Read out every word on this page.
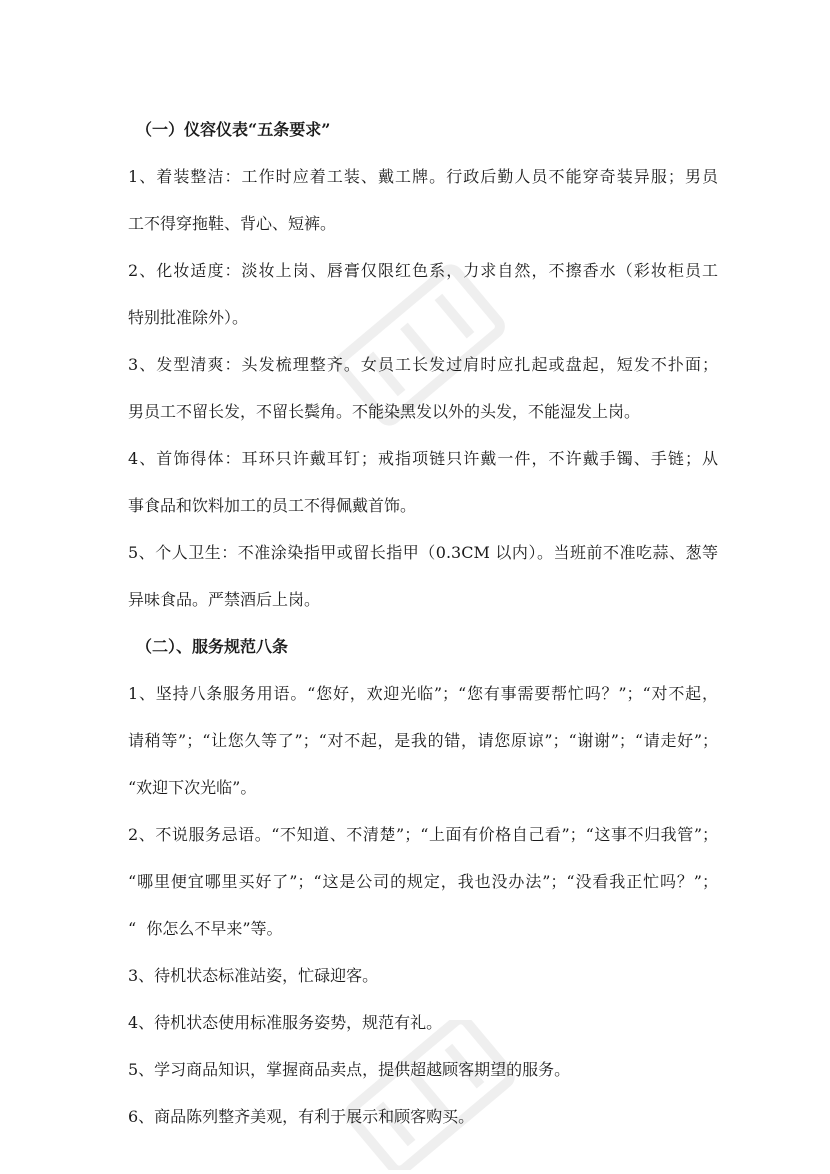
（一）仪容仪表“五条要求”
1、着装整洁：工作时应着工装、戴工牌。行政后勤人员不能穿奇装异服；男员
工不得穿拖鞋、背心、短裤。
2、化妆适度：淡妆上岗、唇膏仅限红色系，力求自然，不擦香水（彩妆柜员工
特别批准除外）。
3、发型清爽：头发梳理整齐。女员工长发过肩时应扎起或盘起，短发不扑面；
男员工不留长发，不留长鬓角。不能染黑发以外的头发，不能湿发上岗。
4、首饰得体：耳环只许戴耳钉；戒指项链只许戴一件，不许戴手镯、手链；从
事食品和饮料加工的员工不得佩戴首饰。
5、个人卫生：不准涂染指甲或留长指甲（0.3CM 以内）。当班前不准吃蒜、葱等
异味食品。严禁酒后上岗。
（二）、服务规范八条
1、坚持八条服务用语。“您好，欢迎光临”；“您有事需要帮忙吗？”；“对不起，
请稍等”；“让您久等了”；“对不起，是我的错，请您原谅”；“谢谢”；“请走好”；
“欢迎下次光临”。
2、不说服务忌语。“不知道、不清楚”；“上面有价格自己看”；“这事不归我管”；
“哪里便宜哪里买好了”；“这是公司的规定，我也没办法”；“没看我正忙吗？”；
“  你怎么不早来”等。
3、待机状态标准站姿，忙碌迎客。
4、待机状态使用标准服务姿势，规范有礼。
5、学习商品知识，掌握商品卖点，提供超越顾客期望的服务。
6、商品陈列整齐美观，有利于展示和顾客购买。
